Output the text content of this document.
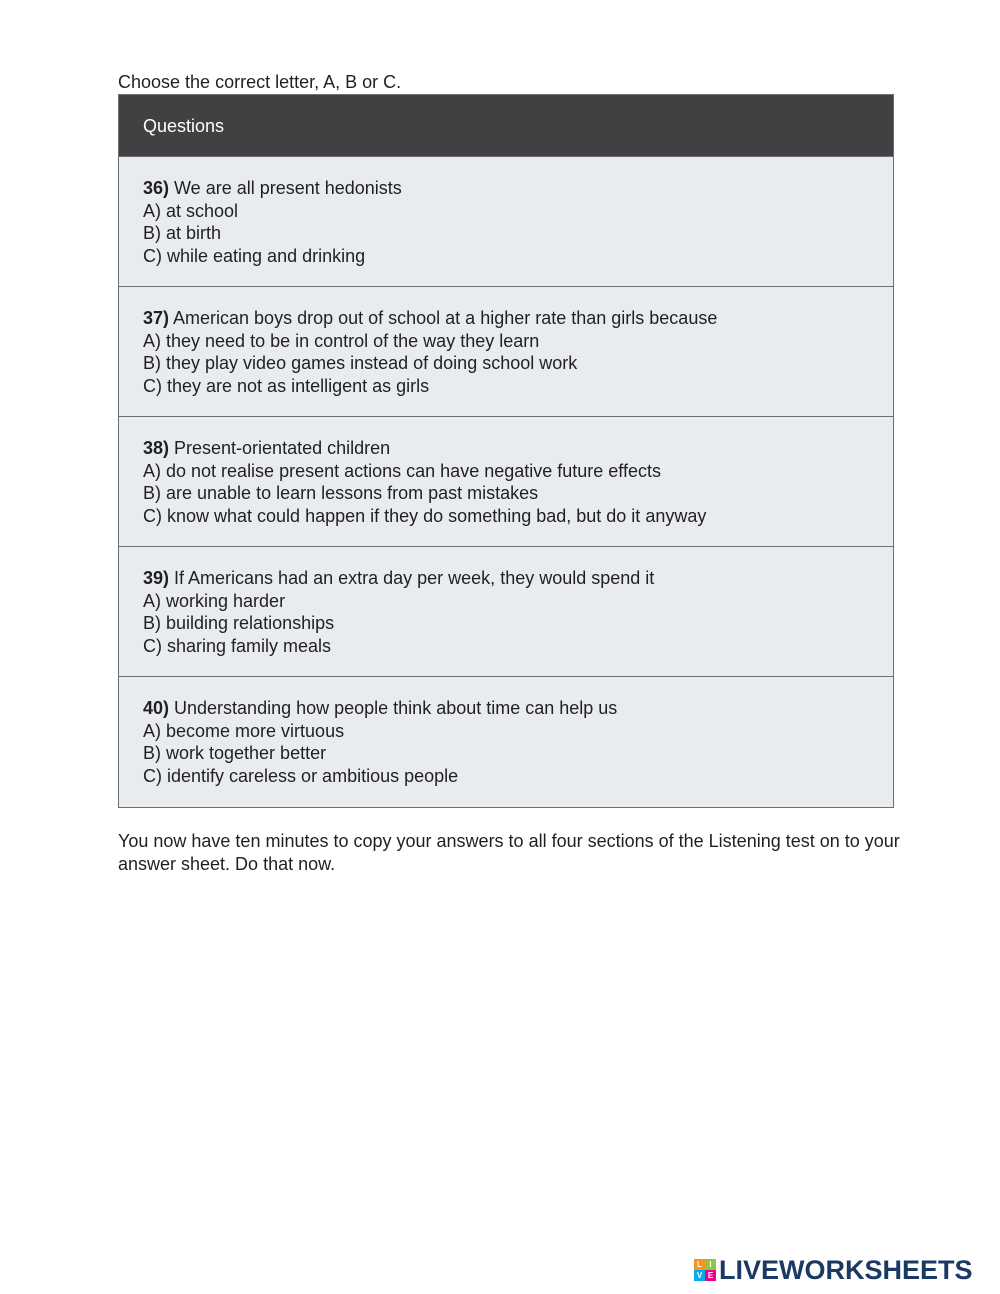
Choose the correct letter, A, B or C.
Questions
36) We are all present hedonists
A) at school
B) at birth
C) while eating and drinking
37) American boys drop out of school at a higher rate than girls because
A) they need to be in control of the way they learn
B) they play video games instead of doing school work
C) they are not as intelligent as girls
38) Present-orientated children
A) do not realise present actions can have negative future effects
B) are unable to learn lessons from past mistakes
C) know what could happen if they do something bad, but do it anyway
39) If Americans had an extra day per week, they would spend it
A) working harder
B) building relationships
C) sharing family meals
40) Understanding how people think about time can help us
A) become more virtuous
B) work together better
C) identify careless or ambitious people
You now have ten minutes to copy your answers to all four sections of the Listening test on to your answer sheet. Do that now.
L I
V E LIVEWORKSHEETS
